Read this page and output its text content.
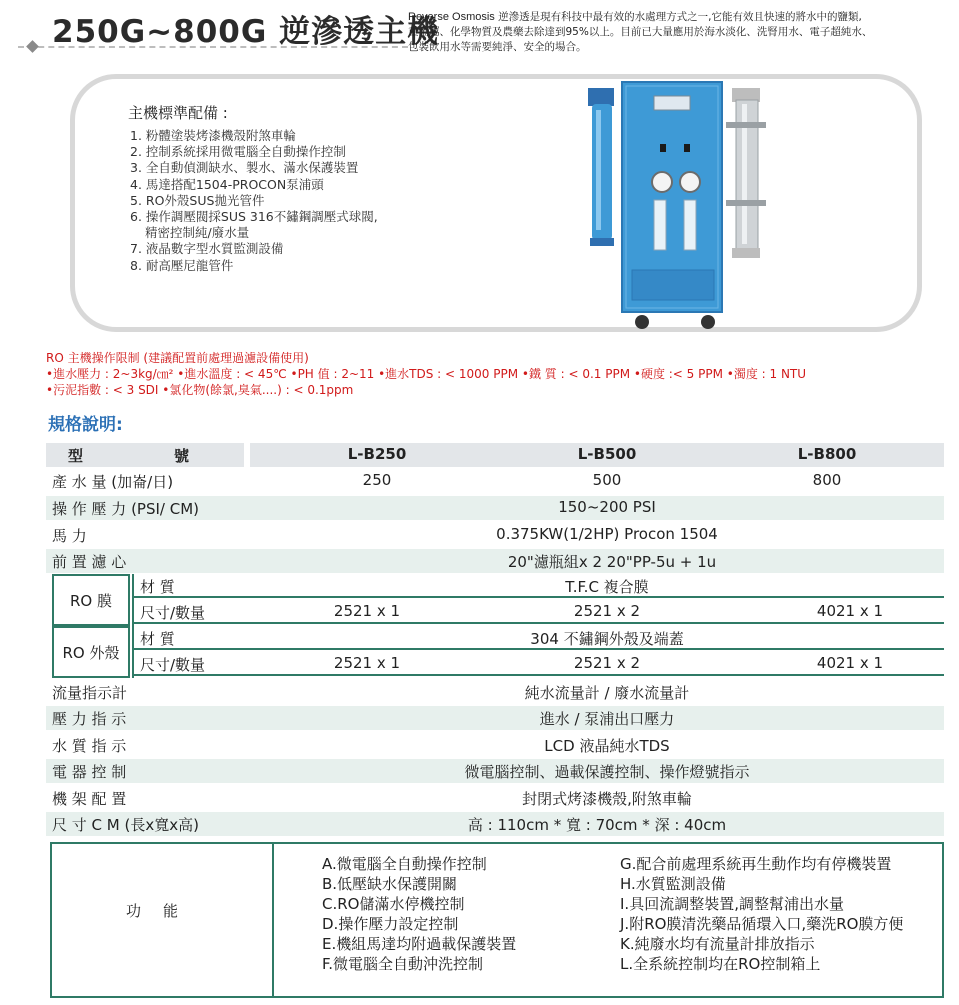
250G~800G 逆滲透主機

Reverse Osmosis 逆滲透是現有科技中最有效的水處理方式之一,它能有效且快速的將水中的鹽類,

重金屬、化學物質及農藥去除達到95%以上。目前已大量應用於海水淡化、洗腎用水、電子超純水、

包裝飲用水等需要純淨、安全的場合。

主機標準配備 :
1. 粉體塗裝烤漆機殼附煞車輪
2. 控制系統採用微電腦全自動操作控制
3. 全自動偵測缺水、製水、滿水保護裝置
4. 馬達搭配1504-PROCON泵浦頭
5. RO外殼SUS拋光管件
6. 操作調壓閥採SUS 316不鏽鋼調壓式球閥,
精密控制純/廢水量
7. 液晶數字型水質監測設備
8. 耐高壓尼龍管件
RO 主機操作限制 (建議配置前處理過濾設備使用)
•進水壓力 : 2~3kg/㎝² •進水溫度 : < 45℃ •PH 值 : 2~11 •進水TDS : < 1000 PPM •鐵 質 : < 0.1 PPM •硬度 :< 5 PPM •濁度 : 1 NTU
•污泥指數 : < 3 SDI •氯化物(餘氯,臭氣....) : < 0.1ppm
規格說明:
型	號	L-B250	L-B500	L-B800
產 水 量 (加崙/日)	250	500	800
操 作 壓 力 (PSI/ CM)	150~200 PSI
馬 力	0.375KW(1/2HP) Procon 1504
前 置 濾 心	20"濾瓶組x 2 20"PP-5u + 1u
RO 膜
材 質	T.F.C 複合膜
尺寸/數量	2521 x 1	2521 x 2	4021 x 1
RO 外殼
材 質	304 不鏽鋼外殼及端蓋
尺寸/數量	2521 x 1	2521 x 2	4021 x 1
流量指示計	純水流量計 / 廢水流量計
壓 力 指 示	進水 / 泵浦出口壓力
水 質 指 示	LCD 液晶純水TDS
電 器 控 制	微電腦控制、過載保護控制、操作燈號指示
機 架 配 置	封閉式烤漆機殼,附煞車輪
尺 寸 C M (長x寬x高)	高 : 110cm * 寬 : 70cm * 深 : 40cm
功能
A.微電腦全自動操作控制
B.低壓缺水保護開關
C.RO儲滿水停機控制
D.操作壓力設定控制
E.機組馬達均附過載保護裝置
F.微電腦全自動沖洗控制
G.配合前處理系統再生動作均有停機裝置
H.水質監測設備
I.具回流調整裝置,調整幫浦出水量
J.附RO膜清洗藥品循環入口,藥洗RO膜方便
K.純廢水均有流量計排放指示
L.全系統控制均在RO控制箱上
